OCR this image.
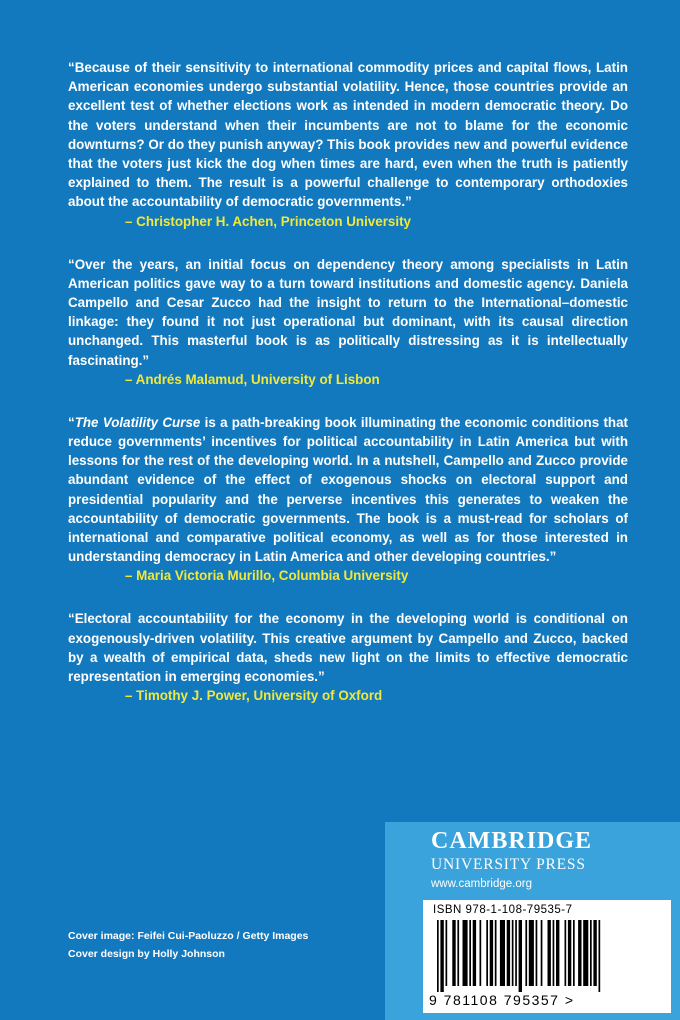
“Because of their sensitivity to international commodity prices and capital flows, Latin American economies undergo substantial volatility. Hence, those countries provide an excellent test of whether elections work as intended in modern democratic theory. Do the voters understand when their incumbents are not to blame for the economic downturns? Or do they punish anyway? This book provides new and powerful evidence that the voters just kick the dog when times are hard, even when the truth is patiently explained to them. The result is a powerful challenge to contemporary orthodoxies about the accountability of democratic governments.”

– Christopher H. Achen, Princeton University

“Over the years, an initial focus on dependency theory among specialists in Latin American politics gave way to a turn toward institutions and domestic agency. Daniela Campello and Cesar Zucco had the insight to return to the International–domestic linkage: they found it not just operational but dominant, with its causal direction unchanged. This masterful book is as politically distressing as it is intellectually fascinating.”

– Andrés Malamud, University of Lisbon

“The Volatility Curse is a path-breaking book illuminating the economic conditions that reduce governments’ incentives for political accountability in Latin America but with lessons for the rest of the developing world. In a nutshell, Campello and Zucco provide abundant evidence of the effect of exogenous shocks on electoral support and presidential popularity and the perverse incentives this generates to weaken the accountability of democratic governments. The book is a must-read for scholars of international and comparative political economy, as well as for those interested in understanding democracy in Latin America and other developing countries.”

– Maria Victoria Murillo, Columbia University

“Electoral accountability for the economy in the developing world is conditional on exogenously-driven volatility. This creative argument by Campello and Zucco, backed by a wealth of empirical data, sheds new light on the limits to effective democratic representation in emerging economies.”

– Timothy J. Power, University of Oxford

Cover image: Feifei Cui-Paoluzzo / Getty Images
Cover design by Holly Johnson
CAMBRIDGE
UNIVERSITY PRESS
www.cambridge.org
ISBN 978-1-108-79535-7
9 781108 795357 >
